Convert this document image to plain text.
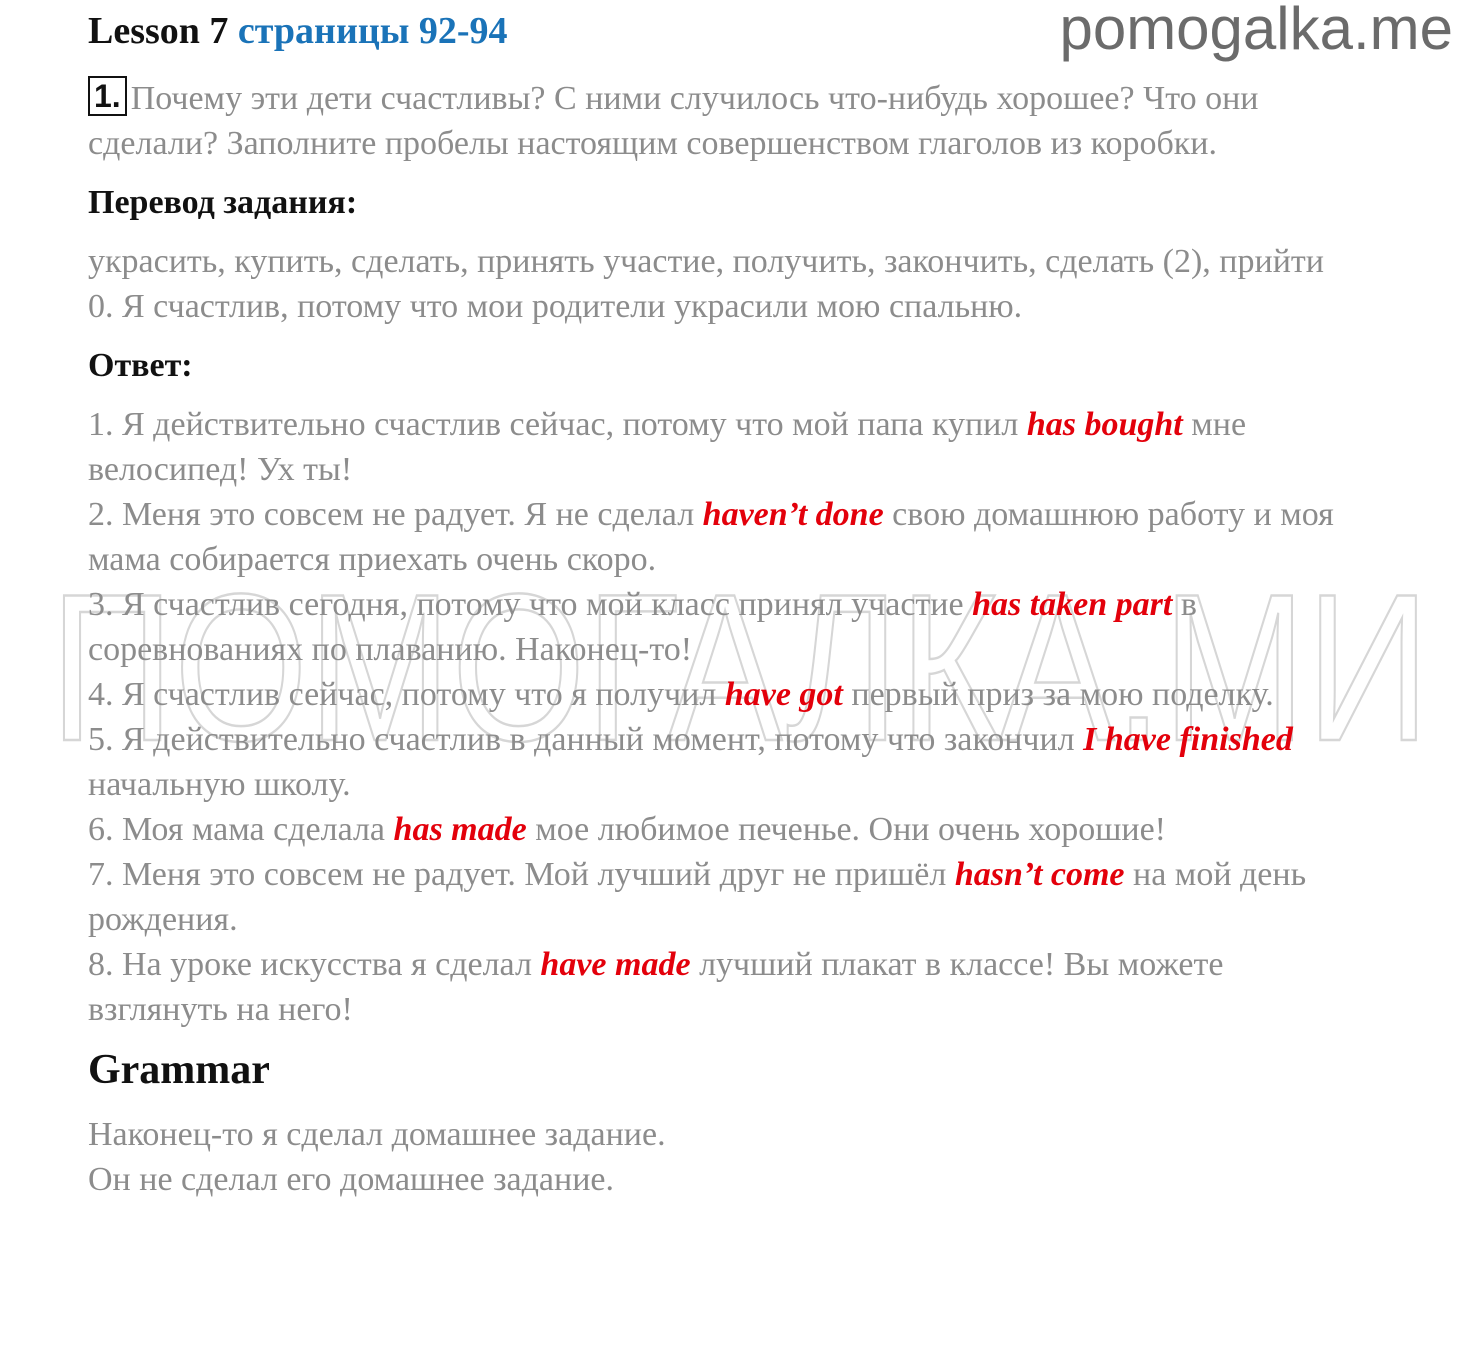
Lesson 7 страницы 92-94	pomogalka.me
ПОМОГАЛКА.МИ

1. Почему эти дети счастливы? С ними случилось что-нибудь хорошее? Что они сделали? Заполните пробелы настоящим совершенством глаголов из коробки.

Перевод задания:

украсить, купить, сделать, принять участие, получить, закончить, сделать (2), прийти

0. Я счастлив, потому что мои родители украсили мою спальню.

Ответ:

1. Я действительно счастлив сейчас, потому что мой папа купил has bought мне велосипед! Ух ты!

2. Меня это совсем не радует. Я не сделал haven’t done свою домашнюю работу и моя мама собирается приехать очень скоро.

3. Я счастлив сегодня, потому что мой класс принял участие has taken part в соревнованиях по плаванию. Наконец-то!

4. Я счастлив сейчас, потому что я получил have got первый приз за мою поделку.

5. Я действительно счастлив в данный момент, потому что закончил I have finished начальную школу.

6. Моя мама сделала has made мое любимое печенье. Они очень хорошие!

7. Меня это совсем не радует. Мой лучший друг не пришёл hasn’t come на мой день рождения.

8. На уроке искусства я сделал have made лучший плакат в классе! Вы можете взглянуть на него!

Grammar

Наконец-то я сделал домашнее задание.

Он не сделал его домашнее задание.
